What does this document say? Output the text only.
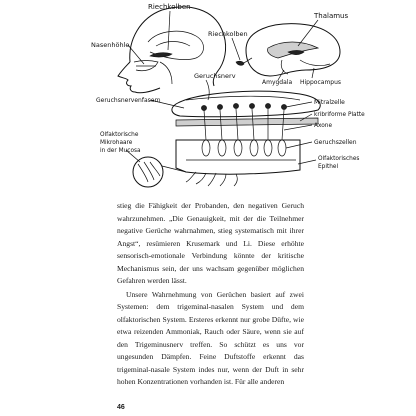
Riechkolben
Nasenhöhle
Thalamus
Riechkolben
Amygdala Hippocampus
Geruchsnerv
Geruchsnervenfasern	Mitralzelle
kribriforme Platte
Axone
Geruchszellen
Olfaktorisches Epithel
Olfaktorische Mikrohaare in der Mucosa

stieg die Fähigkeit der Probanden, den negativen Geruch wahrzunehmen. „Die Genauigkeit, mit der die Teilnehmer negative Gerüche wahrnahmen, stieg systematisch mit ihrer Angst“, resümieren Krusemark und Li. Diese erhöhte sensorisch-emotionale Verbindung könnte der kritische Mechanismus sein, der uns wachsam gegenüber möglichen Gefahren werden lässt.

Unsere Wahrnehmung von Gerüchen basiert auf zwei Systemen: dem trigeminal-nasalen System und dem olfaktorischen System. Ersteres erkennt nur grobe Düfte, wie etwa reizenden Ammoniak, Rauch oder Säure, wenn sie auf den Trigeminusnerv treffen. So schützt es uns vor ungesunden Dämpfen. Feine Duftstoffe erkennt das trigeminal-nasale System indes nur, wenn der Duft in sehr hohen Konzentrationen vorhanden ist. Für alle anderen

46
